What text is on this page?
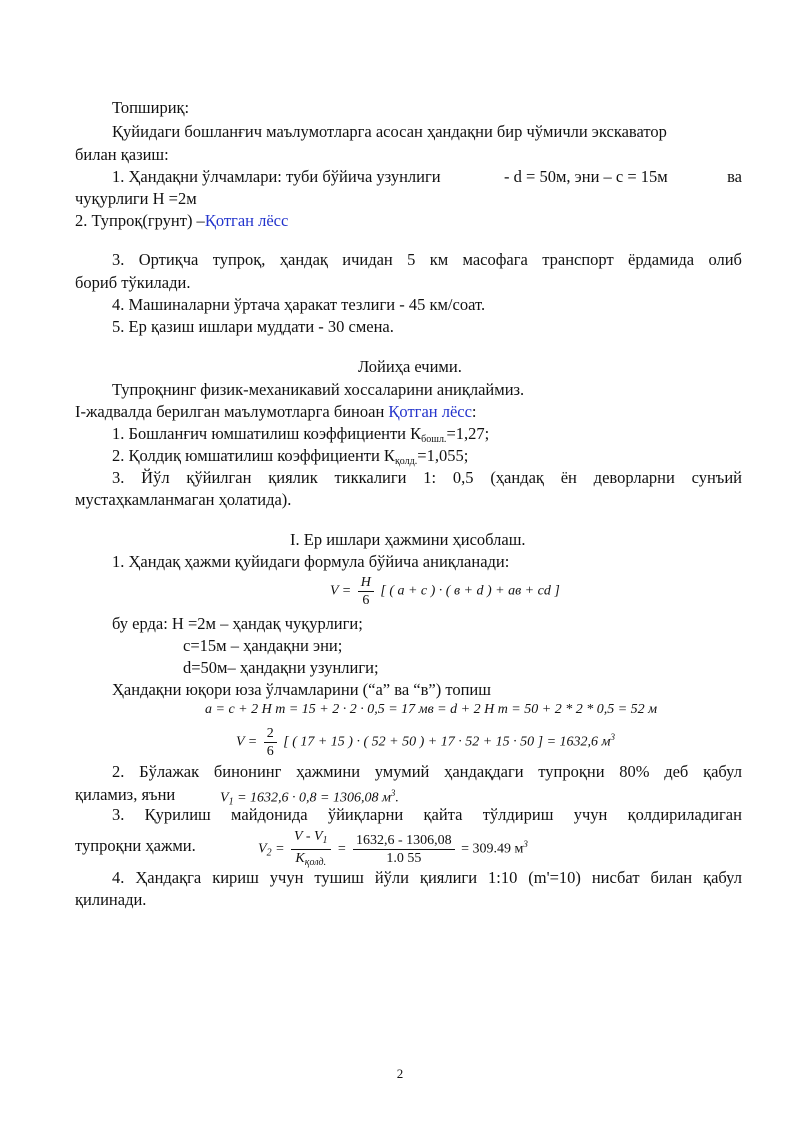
Топшириқ:
Қуйидаги бошланғич маълумотларга асосан ҳандақни бир чўмичли экскаватор
билан қазиш:
1. Ҳандақни ўлчамлари: туби бўйича узунлиги	- d = 50м, эни – с = 15м	ва
чуқурлиги Н =2м
2. Тупроқ(грунт) –Қотган лёсс
3. Ортиқча тупроқ, ҳандақ ичидан 5 км масофага транспорт ёрдамида олиб
бориб тўкилади.
4. Машиналарни ўртача ҳаракат тезлиги - 45 км/соат.
5. Ер қазиш ишлари муддати - 30 смена.
Лойиҳа ечими.
Тупроқнинг физик-механикавий хоссаларини аниқлаймиз.
I-жадвалда берилган маълумотларга биноан Қотган лёсс:
1. Бошланғич юмшатилиш коэффициенти $К_{бошл.}=1,27$;
2. Қолдиқ юмшатилиш коэффициенти $К_{қолд.}=1,055$;
3. Йўл қўйилган қиялик тиккалиги 1: 0,5 (ҳандақ ён деворларни сунъий
мустаҳкамланмаган ҳолатида).
I. Ер ишлари ҳажмини ҳисоблаш.
1. Ҳандақ ҳажми қуйидаги формула бўйича аниқланади:
$V = \frac{H}{6}$ [ ( a + c ) · ( в + d ) + aв + cd ]
бу ерда: Н =2м – ҳандақ чуқурлиги;
с=15м – ҳандақни эни;
d=50м– ҳандақни узунлиги;
Ҳандақни юқори юза ўлчамларини (“а” ва “в”) топиш
a = c + 2 H m = 15 + 2 · 2 · 0,5 = 17 мв = d + 2 H m = 50 + 2 * 2 * 0,5 = 52 м
$V = \frac{2}{6}$ [ ( 17 + 15 ) · ( 52 + 50 ) + 17 · 52 + 15 · 50 ] = 1632,6 $м^3$
2. Бўлажак бинонинг ҳажмини умумий ҳандақдаги тупроқни 80% деб қабул
қиламиз, яъни	$V_1 = 1632,6 \cdot 0,8 = 1306,08$ $м^3$.
3. Қурилиш майдонида ўйиқларни қайта тўлдириш учун қолдириладиган
тупроқни ҳажми.	$V_2 = \frac{V - V_1}{K_{қолд.}} = \frac{1632,6 - 1306,08}{1.0 55} = 309.49$ $м^3$
4. Ҳандақга кириш учун тушиш йўли қиялиги 1:10 (m'=10) нисбат билан қабул
қилинади.
2
